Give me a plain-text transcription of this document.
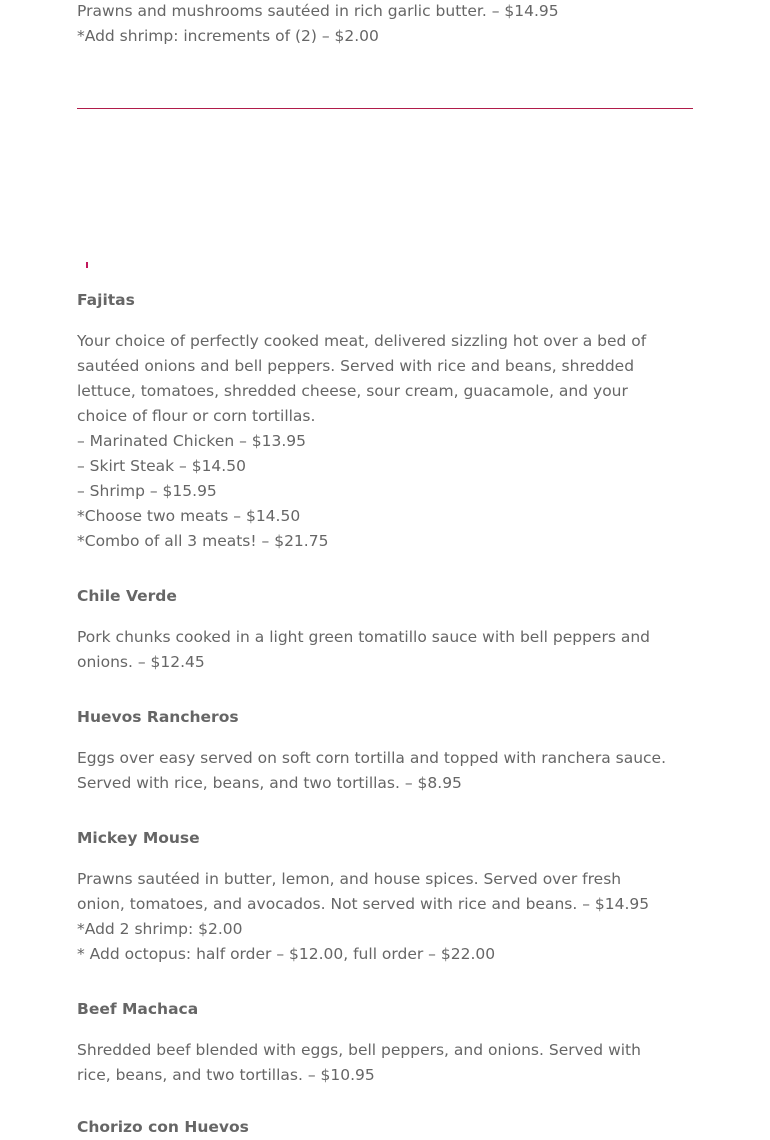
Prawns and mushrooms sautéed in rich garlic butter. – $14.95

*Add shrimp: increments of (2) – $2.00

Fajitas

Your choice of perfectly cooked meat, delivered sizzling hot over a bed of

sautéed onions and bell peppers. Served with rice and beans, shredded

lettuce, tomatoes, shredded cheese, sour cream, guacamole, and your

choice of flour or corn tortillas.

– Marinated Chicken – $13.95

– Skirt Steak – $14.50

– Shrimp – $15.95

*Choose two meats – $14.50

*Combo of all 3 meats! – $21.75

Chile Verde

Pork chunks cooked in a light green tomatillo sauce with bell peppers and

onions. – $12.45

Huevos Rancheros

Eggs over easy served on soft corn tortilla and topped with ranchera sauce.

Served with rice, beans, and two tortillas. – $8.95

Mickey Mouse

Prawns sautéed in butter, lemon, and house spices. Served over fresh

onion, tomatoes, and avocados. Not served with rice and beans. – $14.95

*Add 2 shrimp: $2.00

* Add octopus: half order – $12.00, full order – $22.00

Beef Machaca

Shredded beef blended with eggs, bell peppers, and onions. Served with

rice, beans, and two tortillas. – $10.95

Chorizo con Huevos
